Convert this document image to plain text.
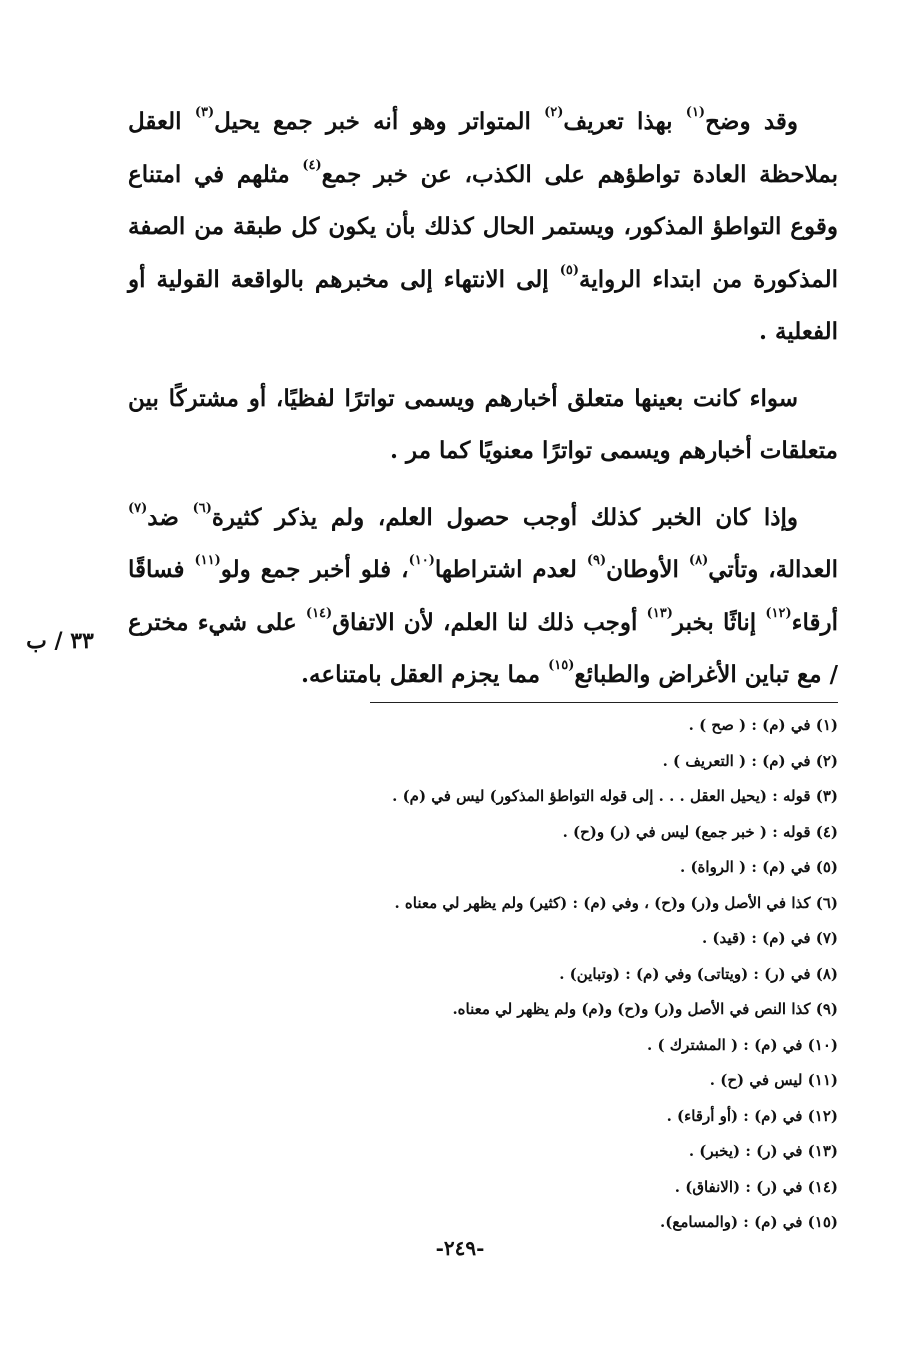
وقد وضح$^{(١)}$ بهذا تعريف$^{(٢)}$ المتواتر وهو أنه خبر جمع يحيل$^{(٣)}$ العقل بملاحظة العادة تواطؤهم على الكذب، عن خبر جمع$^{(٤)}$ مثلهم في امتناع وقوع التواطؤ المذكور، ويستمر الحال كذلك بأن يكون كل طبقة من الصفة المذكورة من ابتداء الرواية$^{(٥)}$ إلى الانتهاء إلى مخبرهم بالواقعة القولية أو الفعلية .

سواء كانت بعينها متعلق أخبارهم ويسمى تواترًا لفظيًا، أو مشتركًا بين متعلقات أخبارهم ويسمى تواترًا معنويًا كما مر .

وإذا كان الخبر كذلك أوجب حصول العلم، ولم يذكر كثيرة$^{(٦)}$ ضد$^{(٧)}$ العدالة، وتأتي$^{(٨)}$ الأوطان$^{(٩)}$ لعدم اشتراطها$^{(١٠)}$، فلو أخبر جمع ولو$^{(١١)}$ فساقًا أرقاء$^{(١٢)}$ إناثًا بخبر$^{(١٣)}$ أوجب ذلك لنا العلم، لأن الاتفاق$^{(١٤)}$ على شيء مخترع / مع تباين الأغراض والطبائع$^{(١٥)}$ مما يجزم العقل بامتناعه.

٣٣ / ب
(١) في (م) : ( صح ) .
(٢) في (م) : ( التعريف ) .
(٣) قوله : (يحيل العقل . . . إلى قوله التواطؤ المذكور) ليس في (م) .
(٤) قوله : ( خبر جمع) ليس في (ر) و(ح) .
(٥) في (م) : ( الرواة) .
(٦) كذا في الأصل و(ر) و(ح) ، وفي (م) : (كثير) ولم يظهر لي معناه .
(٧) في (م) : (قيد) .
(٨) في (ر) : (ويتاتى) وفي (م) : (وتباين) .
(٩) كذا النص في الأصل و(ر) و(ح) و(م) ولم يظهر لي معناه.
(١٠) في (م) : ( المشترك ) .
(١١) ليس في (ح) .
(١٢) في (م) : (أو أرقاء) .
(١٣) في (ر) : (يخبر) .
(١٤) في (ر) : (الانفاق) .
(١٥) في (م) : (والمسامع).
-٢٤٩-
